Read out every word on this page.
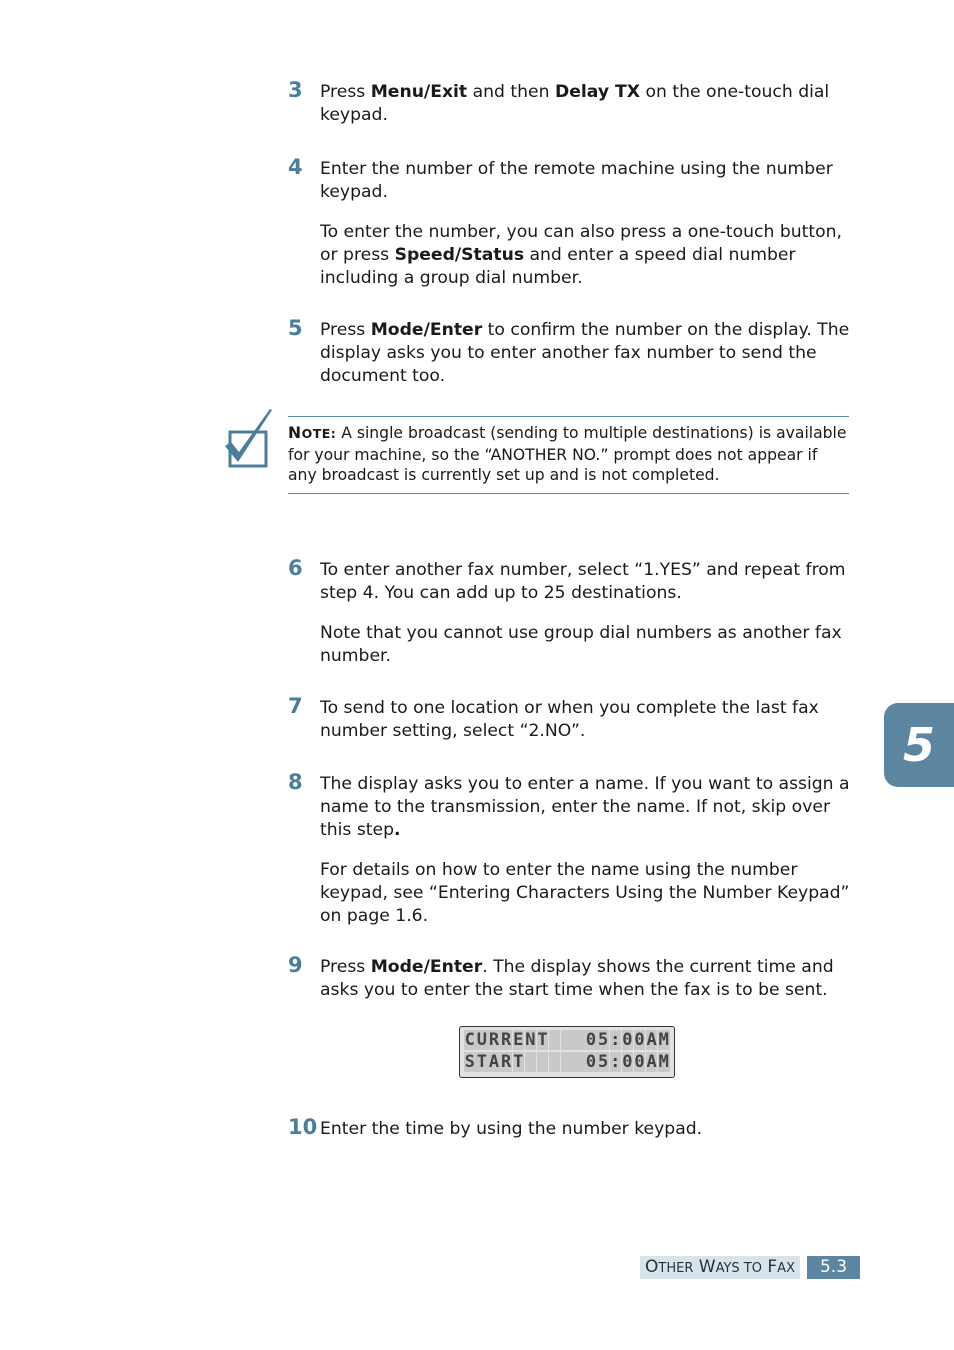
3 Press Menu/Exit and then Delay TX on the one-touch dial keypad.

4 Enter the number of the remote machine using the number keypad.

To enter the number, you can also press a one-touch button, or press Speed/Status and enter a speed dial number including a group dial number.

5 Press Mode/Enter to confirm the number on the display. The display asks you to enter another fax number to send the document too.

NOTE: A single broadcast (sending to multiple destinations) is available for your machine, so the “ANOTHER NO.” prompt does not appear if any broadcast is currently set up and is not completed.
6 To enter another fax number, select “1.YES” and repeat from step 4. You can add up to 25 destinations.

Note that you cannot use group dial numbers as another fax number.

7 To send to one location or when you complete the last fax number setting, select “2.NO”.

8 The display asks you to enter a name. If you want to assign a name to the transmission, enter the name. If not, skip over this step.

For details on how to enter the name using the number keypad, see “Entering Characters Using the Number Keypad” on page 1.6.

9 Press Mode/Enter. The display shows the current time and asks you to enter the start time when the fax is to be sent.

C U R R E N T

0 5 : 0 0 A M
S T A R T

	0 5 : 0 0 A M
10 Enter the time by using the number keypad.

5
OTHER WAYS TO FAX	5.3
